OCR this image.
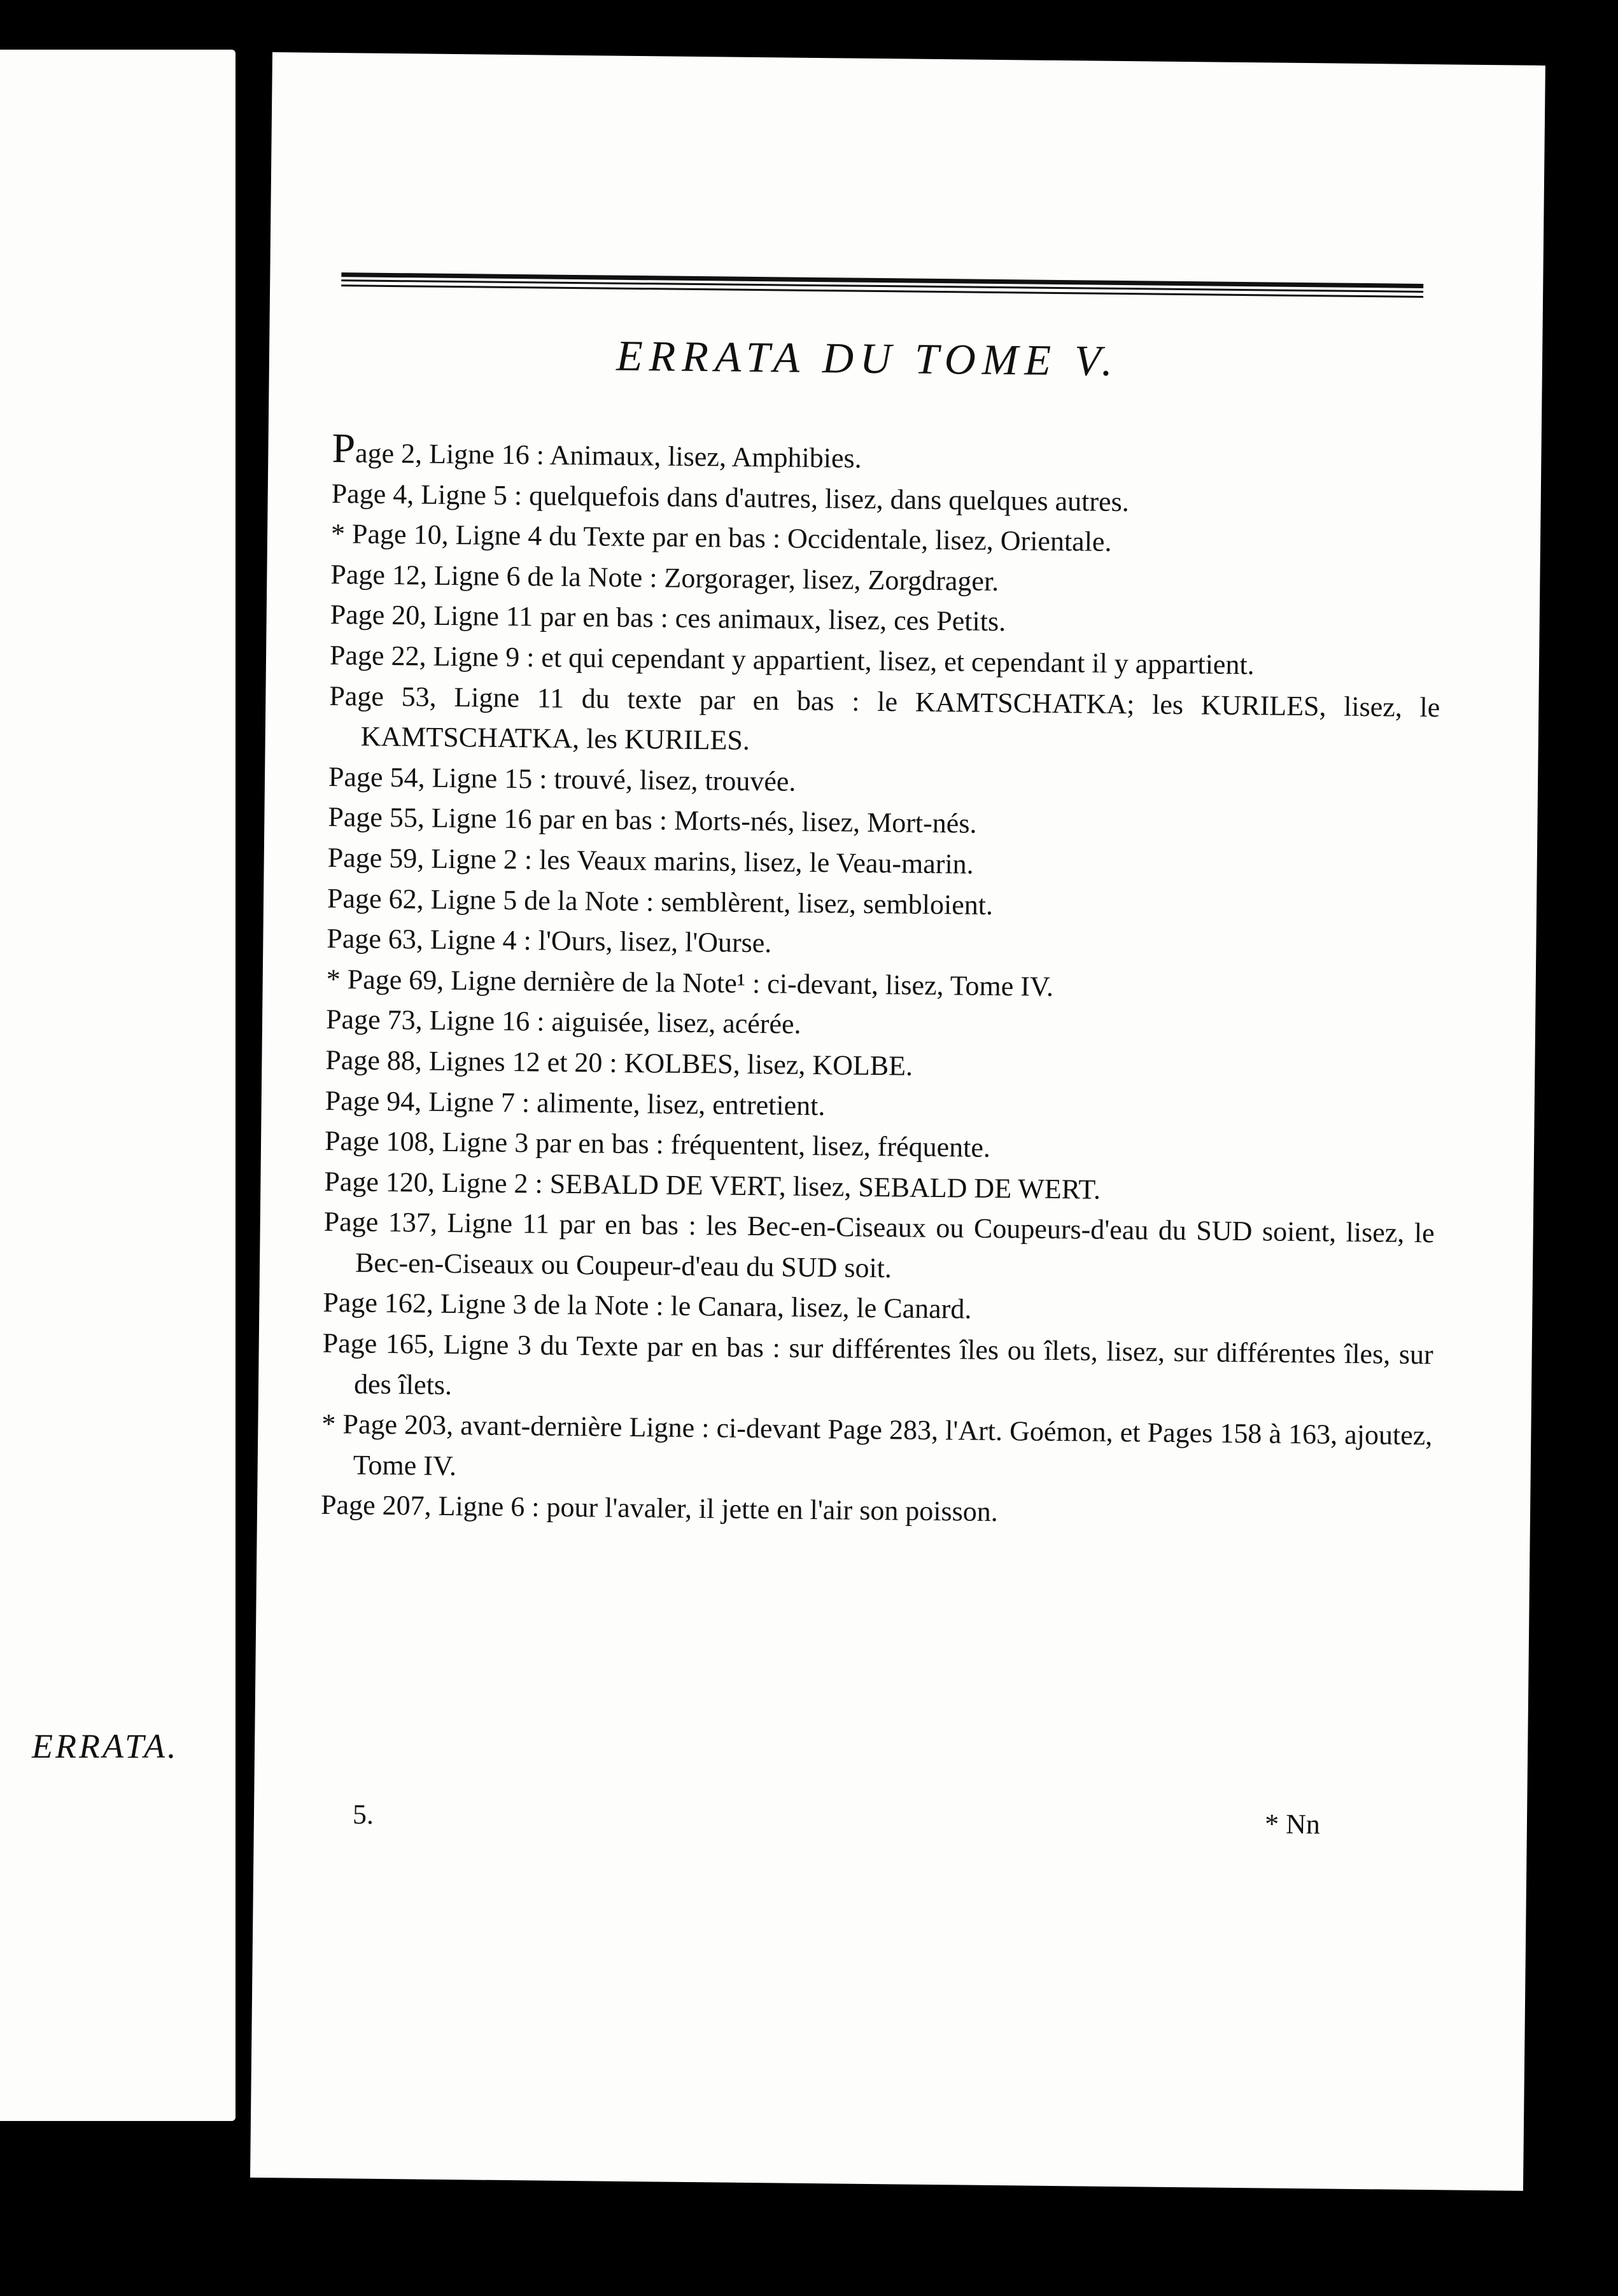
ERRATA.
ERRATA DU TOME V.
Page 2, Ligne 16 : Animaux, lisez, Amphibies.
Page 4, Ligne 5 : quelquefois dans d'autres, lisez, dans quelques autres.
* Page 10, Ligne 4 du Texte par en bas : Occidentale, lisez, Orientale.
Page 12, Ligne 6 de la Note : Zorgorager, lisez, Zorgdrager.
Page 20, Ligne 11 par en bas : ces animaux, lisez, ces Petits.
Page 22, Ligne 9 : et qui cependant y appartient, lisez, et cependant il y appartient.
Page 53, Ligne 11 du texte par en bas : le KAMTSCHATKA; les KURILES, lisez, le KAMTSCHATKA, les KURILES.
Page 54, Ligne 15 : trouvé, lisez, trouvée.
Page 55, Ligne 16 par en bas : Morts-nés, lisez, Mort-nés.
Page 59, Ligne 2 : les Veaux marins, lisez, le Veau-marin.
Page 62, Ligne 5 de la Note : semblèrent, lisez, sembloient.
Page 63, Ligne 4 : l'Ours, lisez, l'Ourse.
* Page 69, Ligne dernière de la Note¹ : ci-devant, lisez, Tome IV.
Page 73, Ligne 16 : aiguisée, lisez, acérée.
Page 88, Lignes 12 et 20 : KOLBES, lisez, KOLBE.
Page 94, Ligne 7 : alimente, lisez, entretient.
Page 108, Ligne 3 par en bas : fréquentent, lisez, fréquente.
Page 120, Ligne 2 : SEBALD DE VERT, lisez, SEBALD DE WERT.
Page 137, Ligne 11 par en bas : les Bec-en-Ciseaux ou Coupeurs-d'eau du SUD soient, lisez, le Bec-en-Ciseaux ou Coupeur-d'eau du SUD soit.
Page 162, Ligne 3 de la Note : le Canara, lisez, le Canard.
Page 165, Ligne 3 du Texte par en bas : sur différentes îles ou îlets, lisez, sur différentes îles, sur des îlets.
* Page 203, avant-dernière Ligne : ci-devant Page 283, l'Art. Goémon, et Pages 158 à 163, ajoutez, Tome IV.
Page 207, Ligne 6 : pour l'avaler, il jette en l'air son poisson.
5.	* Nn
